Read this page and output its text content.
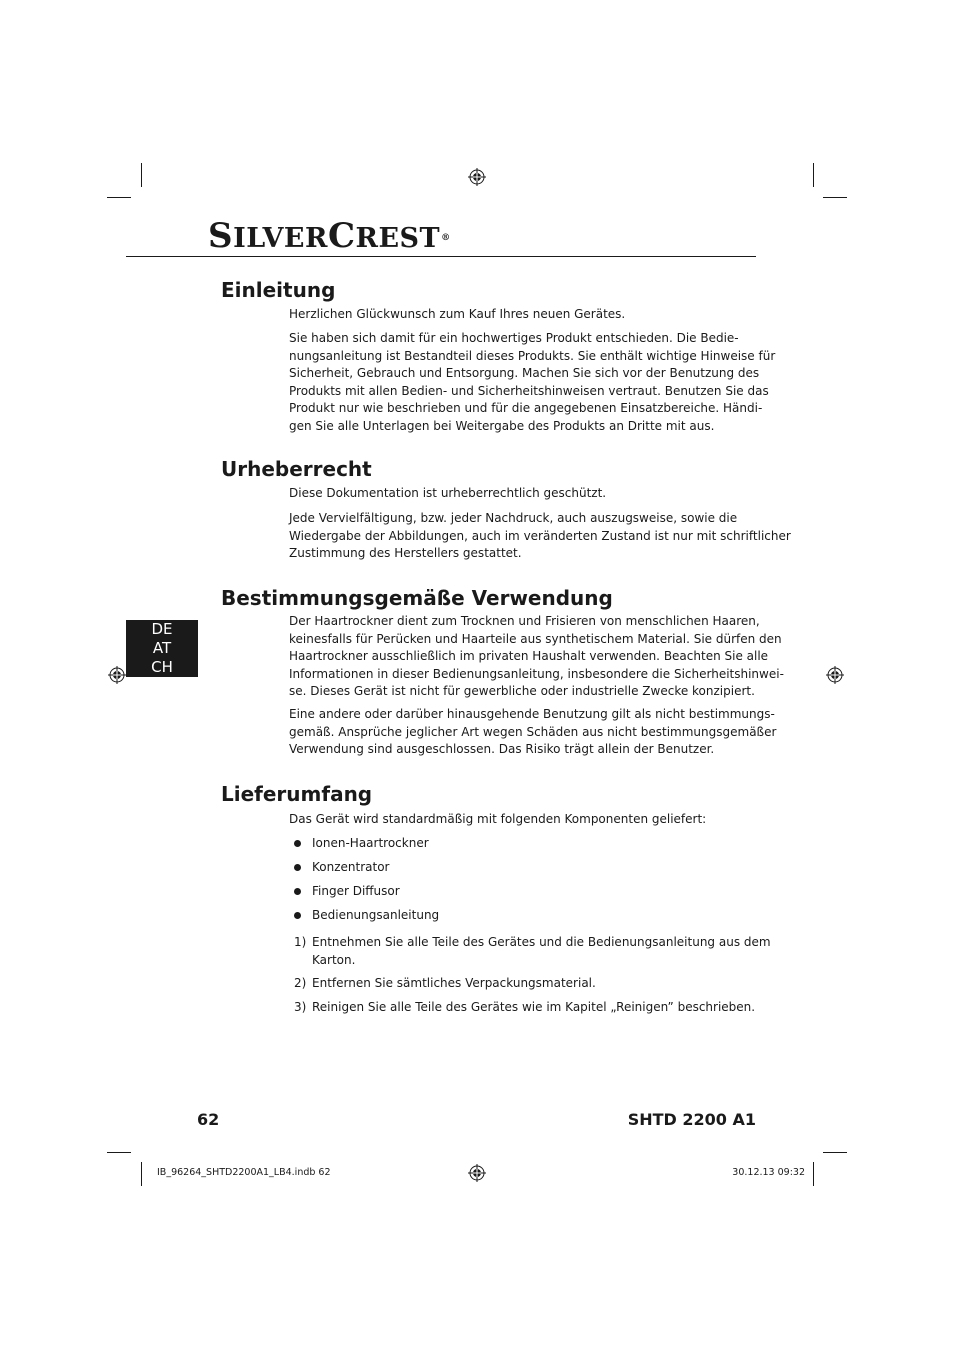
SILVERCREST®
Einleitung

Herzlichen Glückwunsch zum Kauf Ihres neuen Gerätes.

Sie haben sich damit für ein hochwertiges Produkt entschieden. Die Bedie-
nungsanleitung ist Bestandteil dieses Produkts. Sie enthält wichtige Hinweise für
Sicherheit, Gebrauch und Entsorgung. Machen Sie sich vor der Benutzung des
Produkts mit allen Bedien- und Sicherheitshinweisen vertraut. Benutzen Sie das
Produkt nur wie beschrieben und für die angegebenen Einsatzbereiche. Händi-
gen Sie alle Unterlagen bei Weitergabe des Produkts an Dritte mit aus.

Urheberrecht

Diese Dokumentation ist urheberrechtlich geschützt.

Jede Vervielfältigung, bzw. jeder Nachdruck, auch auszugsweise, sowie die
Wiedergabe der Abbildungen, auch im veränderten Zustand ist nur mit schriftlicher
Zustimmung des Herstellers gestattet.

Bestimmungsgemäße Verwendung

Der Haartrockner dient zum Trocknen und Frisieren von menschlichen Haaren,
keinesfalls für Perücken und Haarteile aus synthetischem Material. Sie dürfen den
Haartrockner ausschließlich im privaten Haushalt verwenden. Beachten Sie alle
Informationen in dieser Bedienungsanleitung, insbesondere die Sicherheitshinwei-
se. Dieses Gerät ist nicht für gewerbliche oder industrielle Zwecke konzipiert.

Eine andere oder darüber hinausgehende Benutzung gilt als nicht bestimmungs-
gemäß. Ansprüche jeglicher Art wegen Schäden aus nicht bestimmungsgemäßer
Verwendung sind ausgeschlossen. Das Risiko trägt allein der Benutzer.

DE
AT
CH
Lieferumfang

Das Gerät wird standardmäßig mit folgenden Komponenten geliefert:

Ionen-Haartrockner
Konzentrator
Finger Diffusor
Bedienungsanleitung
1) Entnehmen Sie alle Teile des Gerätes und die Bedienungsanleitung aus dem
Karton.
2) Entfernen Sie sämtliches Verpackungsmaterial.
3) Reinigen Sie alle Teile des Gerätes wie im Kapitel „Reinigen” beschrieben.
62	SHTD 2200 A1
IB_96264_SHTD2200A1_LB4.indb 62	30.12.13 09:32
